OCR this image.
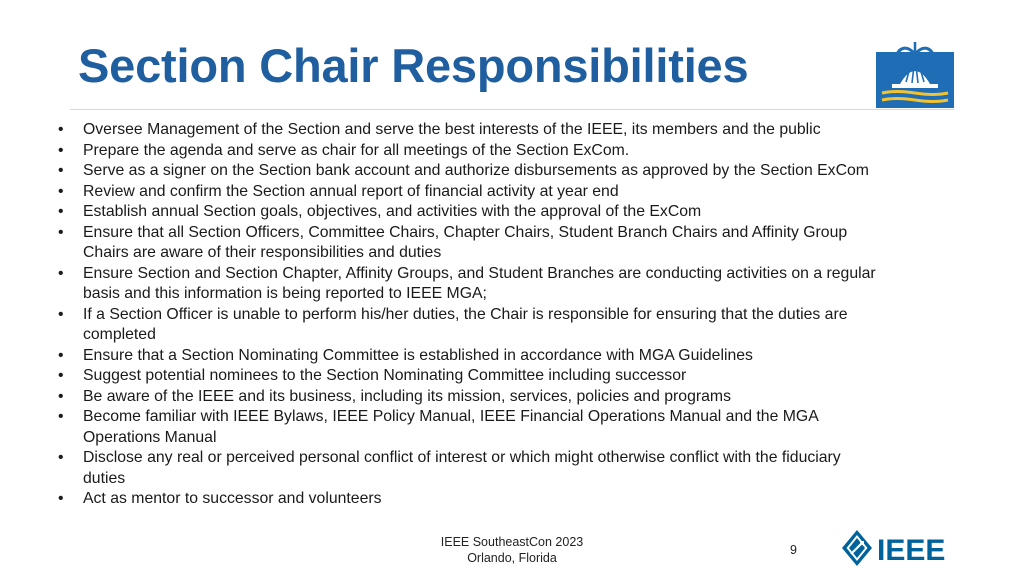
Section Chair Responsibilities
• Oversee Management of the Section and serve the best interests of the IEEE, its members and the public
• Prepare the agenda and serve as chair for all meetings of the Section ExCom.
• Serve as a signer on the Section bank account and authorize disbursements as approved by the Section ExCom
• Review and confirm the Section annual report of financial activity at year end
• Establish annual Section goals, objectives, and activities with the approval of the ExCom
• Ensure that all Section Officers, Committee Chairs, Chapter Chairs, Student Branch Chairs and Affinity Group
Chairs are aware of their responsibilities and duties
• Ensure Section and Section Chapter, Affinity Groups, and Student Branches are conducting activities on a regular
basis and this information is being reported to IEEE MGA;
• If a Section Officer is unable to perform his/her duties, the Chair is responsible for ensuring that the duties are
completed
• Ensure that a Section Nominating Committee is established in accordance with MGA Guidelines
• Suggest potential nominees to the Section Nominating Committee including successor
• Be aware of the IEEE and its business, including its mission, services, policies and programs
• Become familiar with IEEE Bylaws, IEEE Policy Manual, IEEE Financial Operations Manual and the MGA
Operations Manual
• Disclose any real or perceived personal conflict of interest or which might otherwise conflict with the fiduciary
duties
• Act as mentor to successor and volunteers
IEEE SoutheastCon 2023
Orlando, Florida
9	IEEE
